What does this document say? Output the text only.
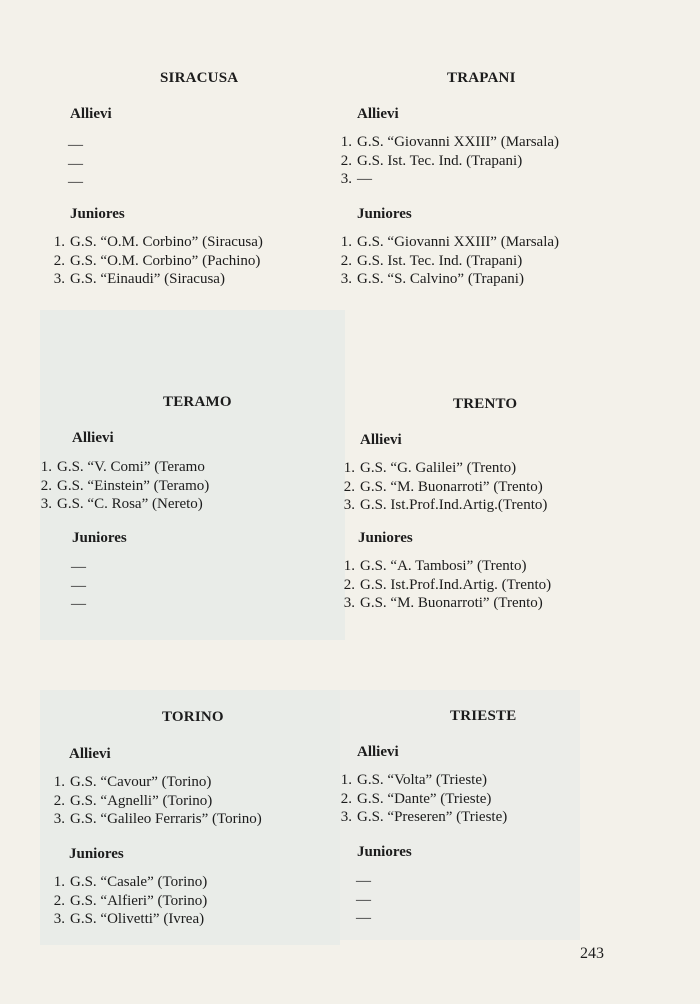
SIRACUSA
Allievi
—
—
—
Juniores
1. G.S. “O.M. Corbino” (Siracusa)
2. G.S. “O.M. Corbino” (Pachino)
3. G.S. “Einaudi” (Siracusa)
TRAPANI
Allievi
1. G.S. “Giovanni XXIII” (Marsala)
2. G.S. Ist. Tec. Ind. (Trapani)
3. —
Juniores
1. G.S. “Giovanni XXIII” (Marsala)
2. G.S. Ist. Tec. Ind. (Trapani)
3. G.S. “S. Calvino” (Trapani)
TERAMO
Allievi
1. G.S. “V. Comi” (Teramo
2. G.S. “Einstein” (Teramo)
3. G.S. “C. Rosa” (Nereto)
Juniores
—
—
—
TRENTO
Allievi
1. G.S. “G. Galilei” (Trento)
2. G.S. “M. Buonarroti” (Trento)
3. G.S. Ist.Prof.Ind.Artig.(Trento)
Juniores
1. G.S. “A. Tambosi” (Trento)
2. G.S. Ist.Prof.Ind.Artig. (Trento)
3. G.S. “M. Buonarroti” (Trento)
TORINO
Allievi
1. G.S. “Cavour” (Torino)
2. G.S. “Agnelli” (Torino)
3. G.S. “Galileo Ferraris” (Torino)
Juniores
1. G.S. “Casale” (Torino)
2. G.S. “Alfieri” (Torino)
3. G.S. “Olivetti” (Ivrea)
TRIESTE
Allievi
1. G.S. “Volta” (Trieste)
2. G.S. “Dante” (Trieste)
3. G.S. “Preseren” (Trieste)
Juniores
—
—
—
243
